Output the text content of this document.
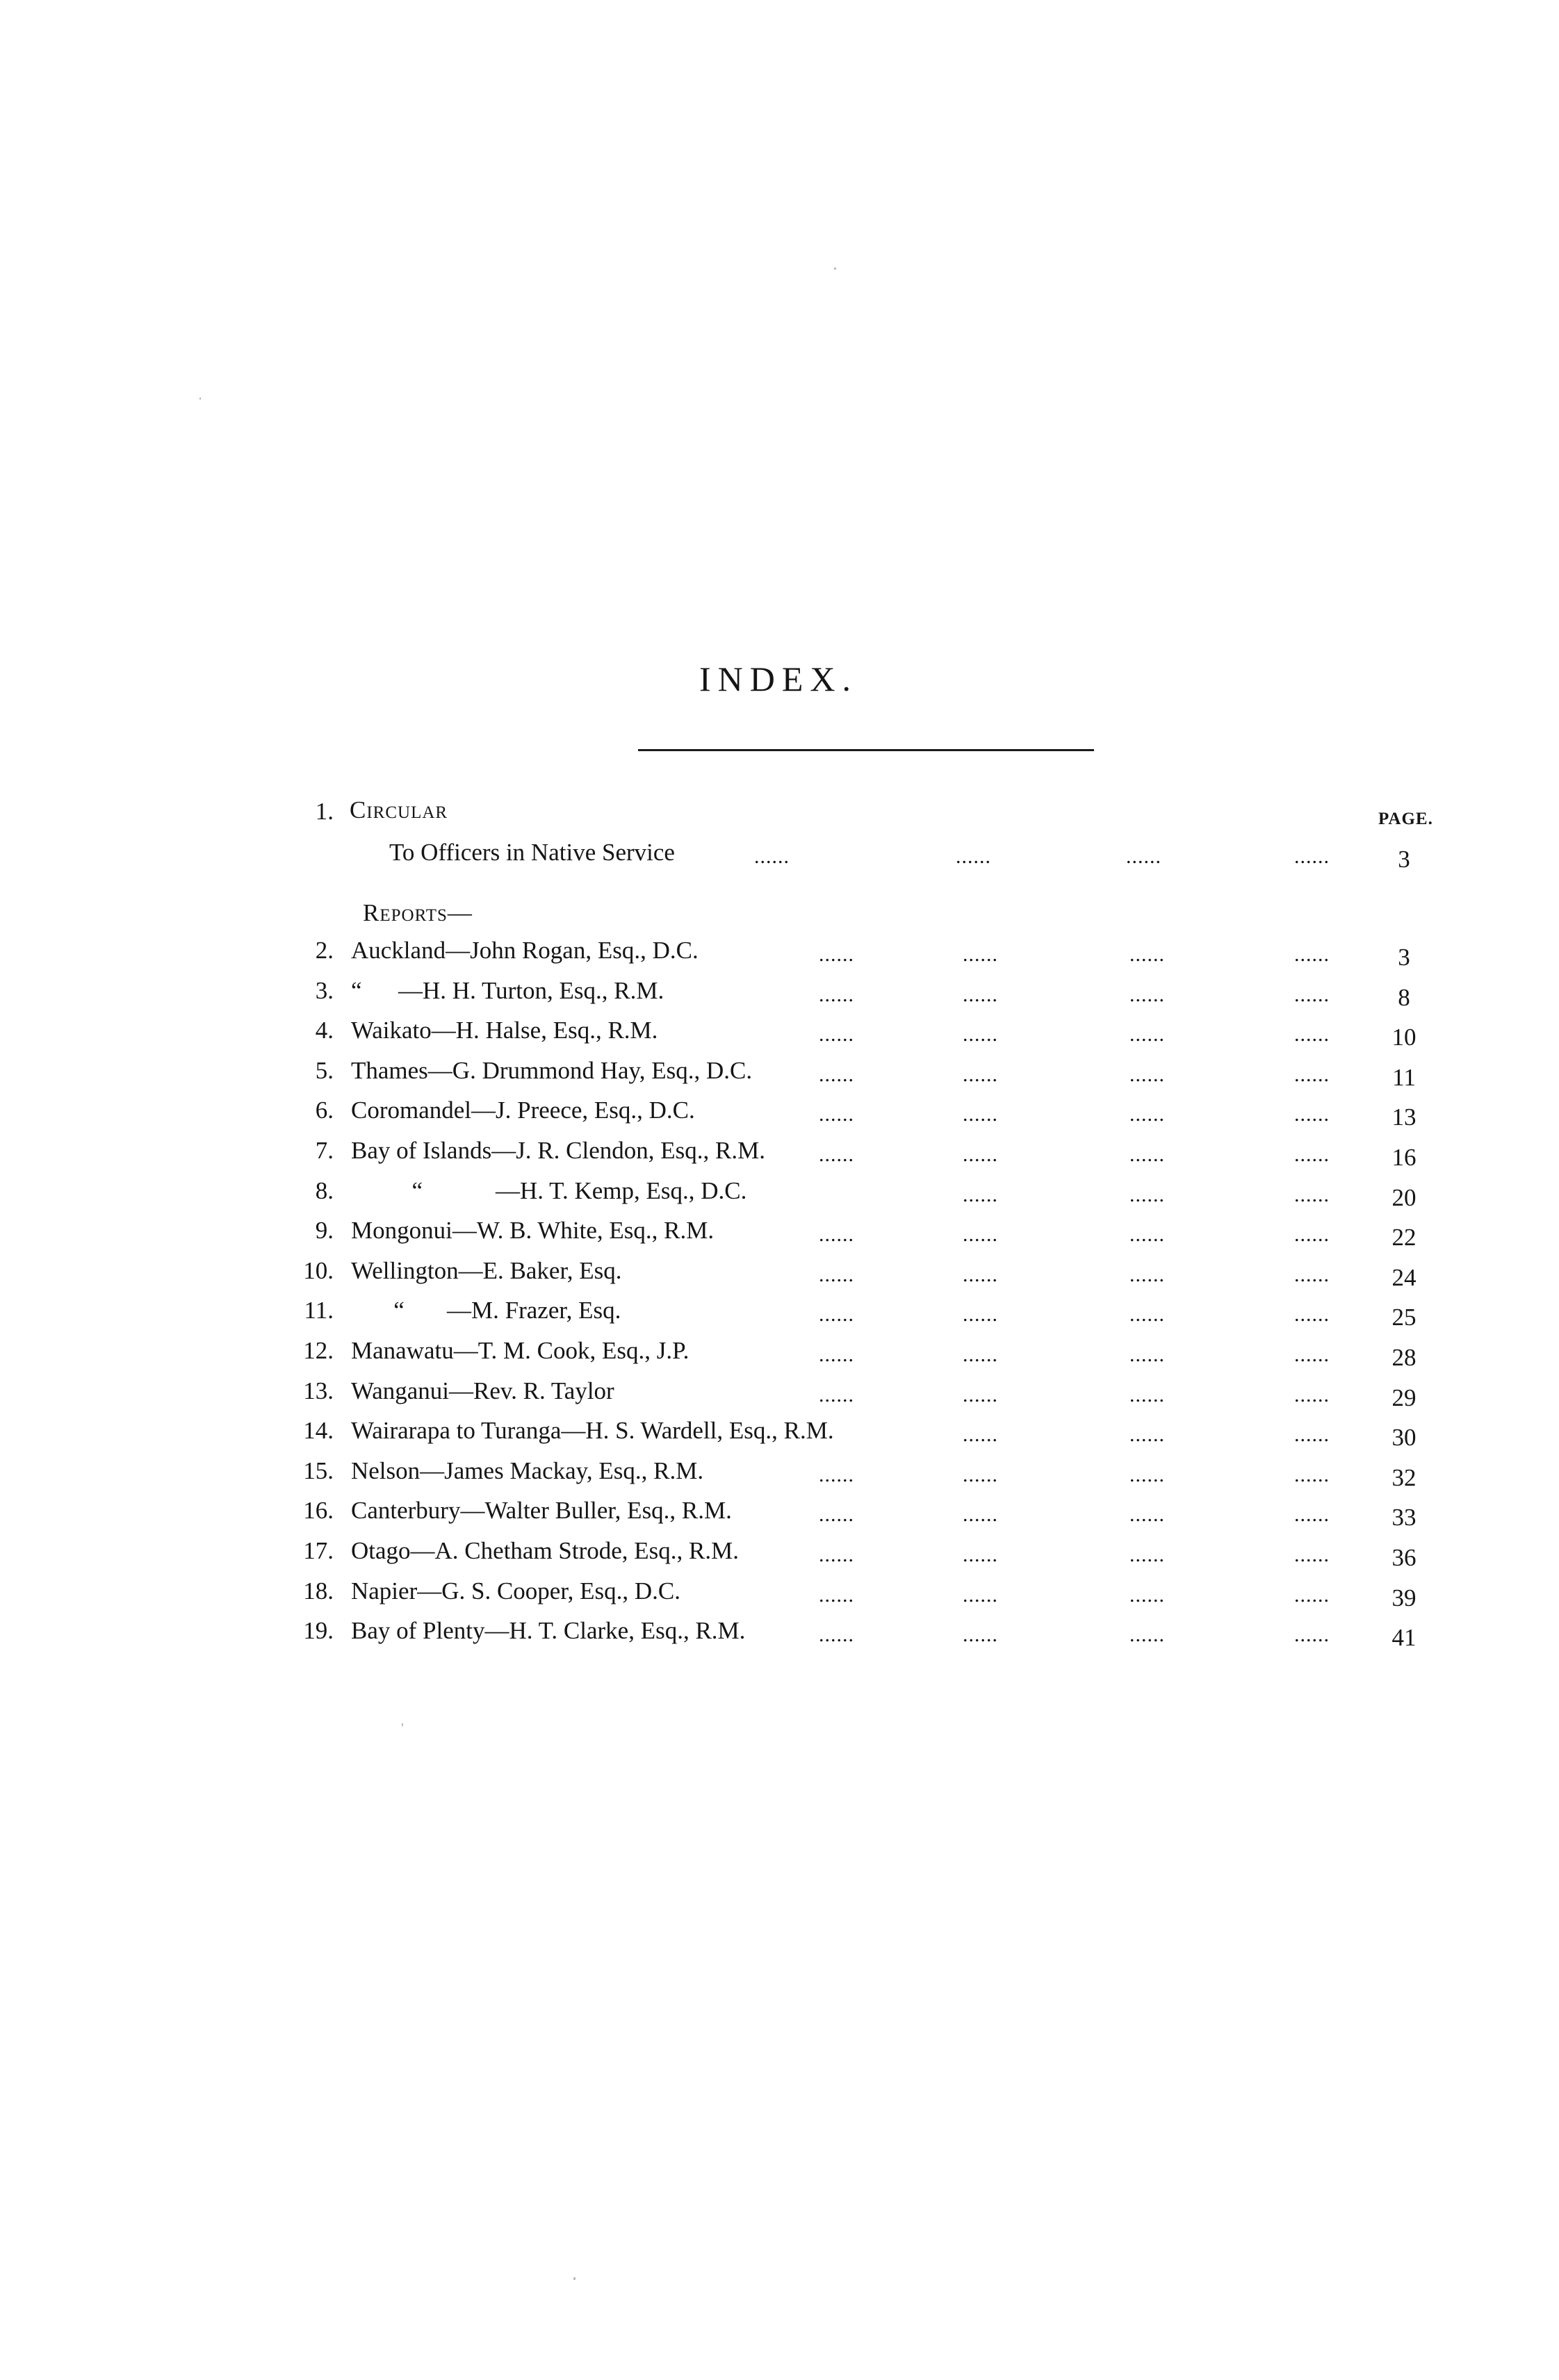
INDEX.
PAGE.
1. Circular
To Officers in Native Service	......	......	......	......	3
Reports—
2. Auckland—John Rogan, Esq., D.C.	......	......	......	......	3
3. “      —H. H. Turton, Esq., R.M.	......	......	......	......	8
4. Waikato—H. Halse, Esq., R.M.	......	......	......	......	10
5. Thames—G. Drummond Hay, Esq., D.C.	......	......	......	......	11
6. Coromandel—J. Preece, Esq., D.C.	......	......	......	......	13
7. Bay of Islands—J. R. Clendon, Esq., R.M.	......	......	......	......	16
8. “            —H. T. Kemp, Esq., D.C.	......	......	......	20
9. Mongonui—W. B. White, Esq., R.M.	......	......	......	......	22
10. Wellington—E. Baker, Esq.	......	......	......	......	24
11. “       —M. Frazer, Esq.	......	......	......	......	25
12. Manawatu—T. M. Cook, Esq., J.P.	......	......	......	......	28
13. Wanganui—Rev. R. Taylor	......	......	......	......	29
14. Wairarapa to Turanga—H. S. Wardell, Esq., R.M.	......	......	......	30
15. Nelson—James Mackay, Esq., R.M.	......	......	......	......	32
16. Canterbury—Walter Buller, Esq., R.M.	......	......	......	......	33
17. Otago—A. Chetham Strode, Esq., R.M.	......	......	......	......	36
18. Napier—G. S. Cooper, Esq., D.C.	......	......	......	......	39
19. Bay of Plenty—H. T. Clarke, Esq., R.M.	......	......	......	......	41
